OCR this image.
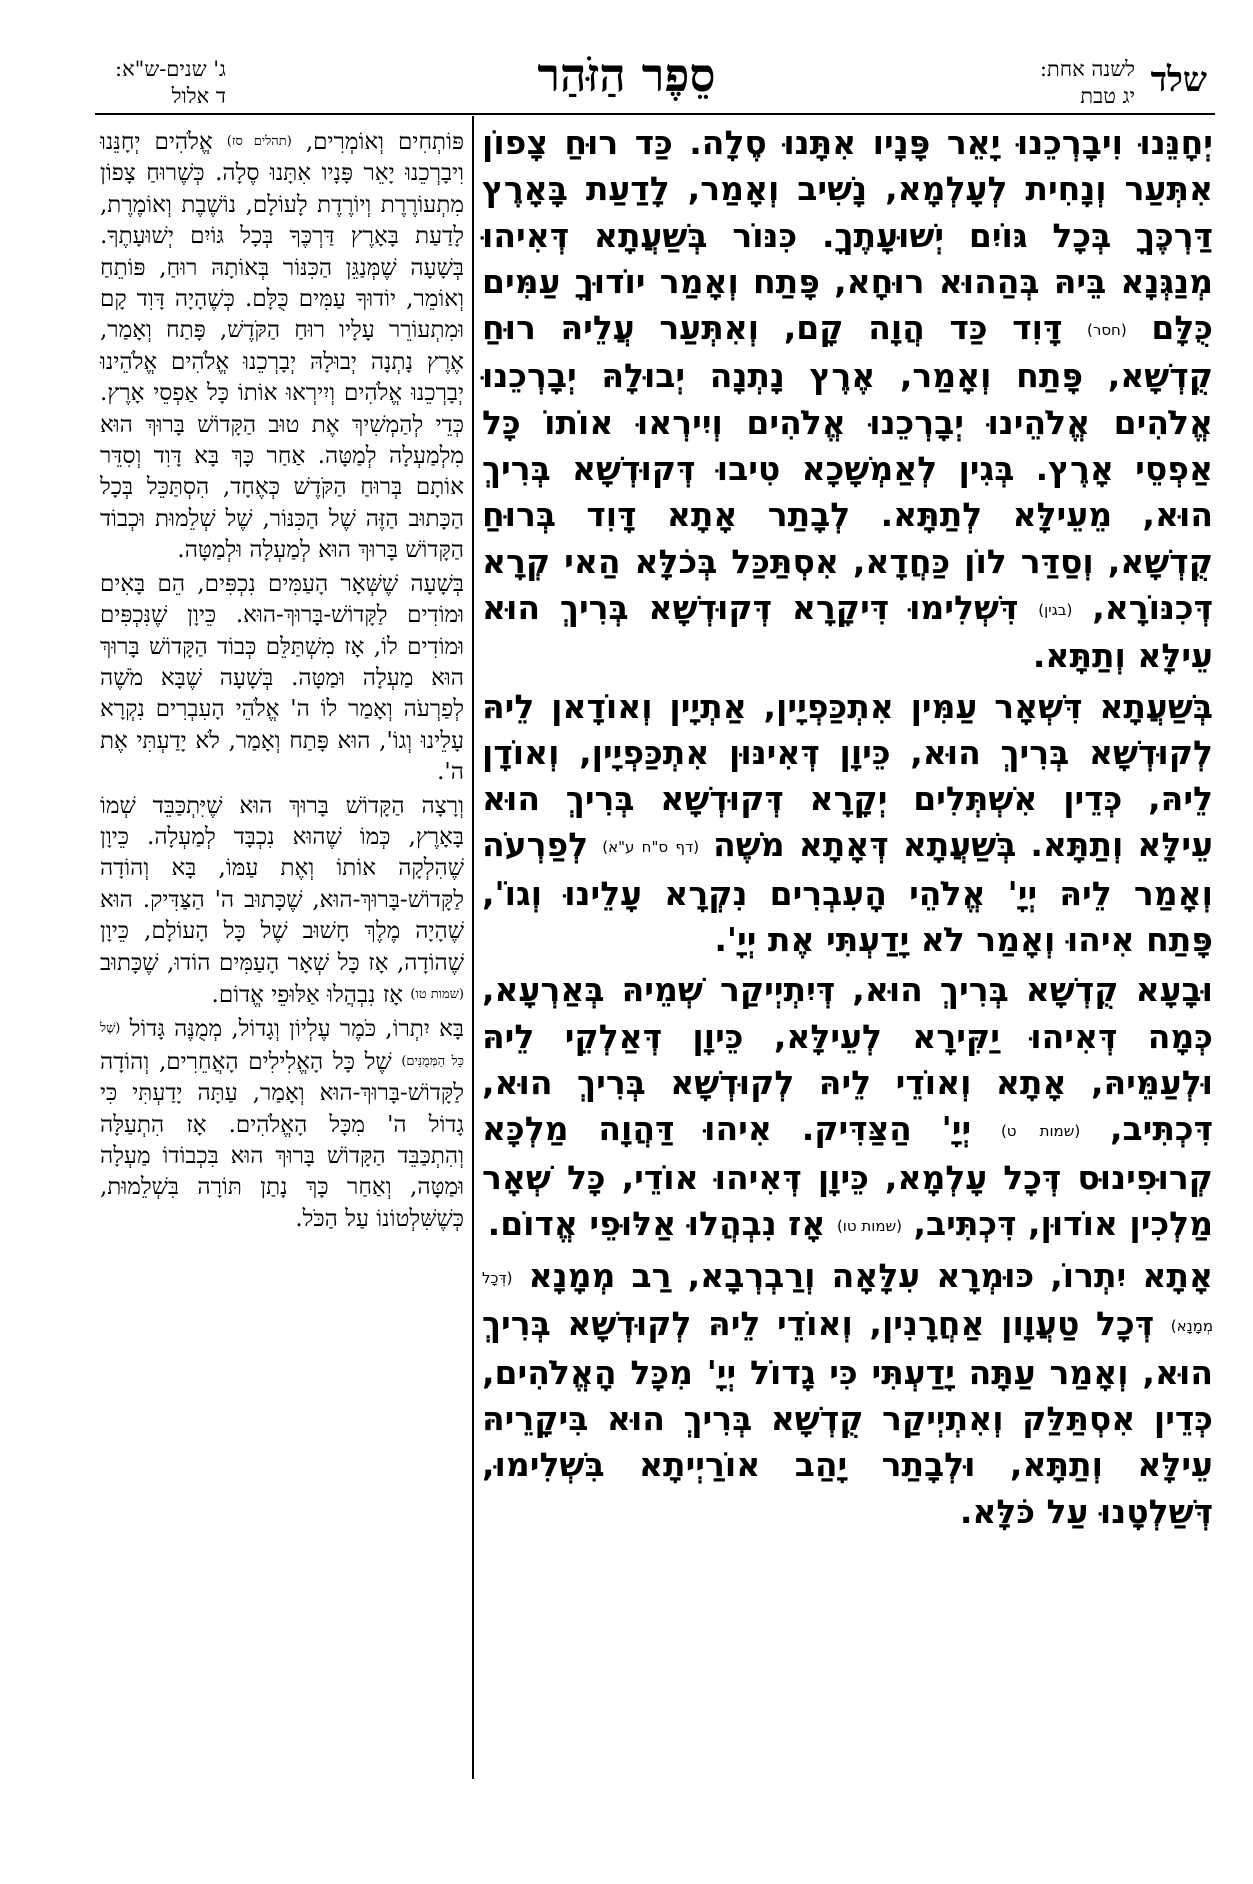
שלד
לשנה אחת:
יג טבת
סֵפֶר הַזֹּהַר
ג' שנים-ש"א:
ד אלול

יְחָנֵּנוּ וִיבָרְכֵנוּ יָאֵר פָּנָיו אִתָּנוּ סֶלָה. כַּד רוּחַ צָפוֹן אִתְּעַר וְנָחִית לְעָלְמָא, נָשִׁיב וְאָמַר, לָדַעַת בָּאָרֶץ דַּרְכֶּךָ בְּכָל גּוֹיִם יְשׁוּעָתֶךָ. כִּנּוֹר בְּשַׁעֲתָא דְּאִיהוּ מְנַגְּנָא בֵּיהּ בְּהַהוּא רוּחָא, פָּתַח וְאָמַר יוֹדוּךָ עַמִּים כֻּלָּם (חסר) דָּוִד כַּד הֲוָה קָם, וְאִתְּעַר עֲלֵיהּ רוּחַ קֻדְשָׁא, פָּתַח וְאָמַר, אֶרֶץ נָתְנָה יְבוּלָהּ יְבָרְכֵנוּ אֱלֹהִים אֱלֹהֵינוּ יְבָרְכֵנוּ אֱלֹהִים וְיִירְאוּ אוֹתוֹ כָּל אַפְסֵי אָרֶץ. בְּגִין לְאַמְשָׁכָא טִיבוּ דְּקוּדְשָׁא בְּרִיךְ הוּא, מֵעֵילָּא לְתַתָּא. לְבָתַר אָתָא דָּוִד בְּרוּחַ קֻדְשָׁא, וְסַדַּר לוֹן כַּחֲדָא, אִסְתַּכַּל בְּכֹלָּא הַאי קְרָא דְּכִנּוֹרָא, (בגין) דִּשְׁלִימוּ דִּיקָרָא דְּקוּדְשָׁא בְּרִיךְ הוּא עֵילָּא וְתַתָּא.

בְּשַׁעֲתָא דִּשְׁאָר עַמִּין אִתְכַּפְיָין, אַתְיָין וְאוֹדָאן לֵיהּ לְקוּדְשָׁא בְּרִיךְ הוּא, כֵּיוָן דְּאִינּוּן אִתְכַּפְיָין, וְאוֹדָן לֵיהּ, כְּדֵין אִשְׁתְּלִים יְקָרָא דְּקוּדְשָׁא בְּרִיךְ הוּא עֵילָּא וְתַתָּא. בְּשַׁעֲתָא דְּאָתָא מֹשֶׁה (דף ס"ח ע"א) לְפַרְעֹה וְאָמַר לֵיהּ יְיָ' אֱלֹהֵי הָעִבְרִים נִקְרָא עָלֵינוּ וְגוֹ', פָּתַח אִיהוּ וְאָמַר לֹא יָדַעְתִּי אֶת יְיָ'.

וּבָעָא קֻדְשָׁא בְּרִיךְ הוּא, דְּיִתְיְיקַר שְׁמֵיהּ בְּאַרְעָא, כְּמָה דְּאִיהוּ יַקִּירָא לְעֵילָּא, כֵּיוָן דְּאַלְקֵי לֵיהּ וּלְעַמֵּיהּ, אָתָא וְאוֹדֵי לֵיהּ לְקוּדְשָׁא בְּרִיךְ הוּא, דִּכְתִּיב, (שמות ט) יְיָ' הַצַּדִּיק. אִיהוּ דַּהֲוָה מַלְכָּא קְרוּפִינוּס דְּכָל עָלְמָא, כֵּיוָן דְּאִיהוּ אוֹדֵי, כָּל שְׁאָר מַלְכִין אוֹדוּן, דִּכְתִּיב, (שמות טו) אָז נִבְהֲלוּ אַלּוּפֵי אֱדוֹם.

אָתָא יִתְרוֹ, כּוּמְרָא עִלָּאָה וְרַבְרְבָא, רַב מְמָנָא (דְּכָל מְמָנָא) דְּכָל טַעֲוָון אַחֲרָנִין, וְאוֹדֵי לֵיהּ לְקוּדְשָׁא בְּרִיךְ הוּא, וְאָמַר עַתָּה יָדַעְתִּי כִּי גָדוֹל יְיָ' מִכָּל הָאֱלֹהִים, כְּדֵין אִסְתַּלַּק וְאִתְיְיקַר קֻדְשָׁא בְּרִיךְ הוּא בִּיקָרֵיהּ עֵילָּא וְתַתָּא, וּלְבָתַר יָהַב אוֹרַיְיתָא בִּשְׁלִימוּ, דְּשַׁלְטָנוּ עַל כֹּלָּא.

פּוֹתְחִים וְאוֹמְרִים, (תהלים סז) אֱלֹהִים יְחָנֵּנוּ וִיבָרְכֵנוּ יָאֵר פָּנָיו אִתָּנוּ סֶלָה. כְּשֶׁרוּחַ צָפוֹן מִתְעוֹרֶרֶת וְיוֹרֶדֶת לָעוֹלָם, נוֹשֶׁבֶת וְאוֹמֶרֶת, לָדַעַת בָּאָרֶץ דַּרְכֶּךָ בְּכָל גּוֹיִם יְשׁוּעָתֶךָ. בְּשָׁעָה שֶׁמְּנַגֵּן הַכִּנּוֹר בְּאוֹתָהּ רוּחַ, פּוֹתֵחַ וְאוֹמֵר, יוֹדוּךָ עַמִּים כֻּלָּם. כְּשֶׁהָיָה דָּוִד קָם וּמִתְעוֹרֵר עָלָיו רוּחַ הַקֹּדֶשׁ, פָּתַח וְאָמַר, אֶרֶץ נָתְנָה יְבוּלָהּ יְבָרְכֵנוּ אֱלֹהִים אֱלֹהֵינוּ יְבָרְכֵנוּ אֱלֹהִים וְיִירְאוּ אוֹתוֹ כָּל אַפְסֵי אָרֶץ. כְּדֵי לְהַמְשִׁיךְ אֶת טוּב הַקָּדוֹשׁ בָּרוּךְ הוּא מִלְמַעְלָה לְמַטָּה. אַחַר כָּךְ בָּא דָּוִד וְסִדֵּר אוֹתָם בְּרוּחַ הַקֹּדֶשׁ כְּאֶחָד, הִסְתַּכֵּל בְּכָל הַכָּתוּב הַזֶּה שֶׁל הַכִּנּוֹר, שֶׁל שְׁלֵמוּת וּכְבוֹד הַקָּדוֹשׁ בָּרוּךְ הוּא לְמַעְלָה וּלְמַטָּה.

בְּשָׁעָה שֶׁשְּׁאָר הָעַמִּים נִכְפִּים, הֵם בָּאִים וּמוֹדִים לַקָּדוֹשׁ-בָּרוּךְ-הוּא. כֵּיוָן שֶׁנִּכְפִּים וּמוֹדִים לוֹ, אָז מִשְׁתַּלֵּם כְּבוֹד הַקָּדוֹשׁ בָּרוּךְ הוּא מַעְלָה וּמַטָּה. בְּשָׁעָה שֶׁבָּא מֹשֶׁה לְפַרְעֹה וְאָמַר לוֹ ה' אֱלֹהֵי הָעִבְרִים נִקְרָא עָלֵינוּ וְגוֹ', הוּא פָּתַח וְאָמַר, לֹא יָדַעְתִּי אֶת ה'.

וְרָצָה הַקָּדוֹשׁ בָּרוּךְ הוּא שֶׁיִּתְכַּבֵּד שְׁמוֹ בָּאָרֶץ, כְּמוֹ שֶׁהוּא נִכְבָּד לְמַעְלָה. כֵּיוָן שֶׁהִלְקָה אוֹתוֹ וְאֶת עַמּוֹ, בָּא וְהוֹדָה לַקָּדוֹשׁ-בָּרוּךְ-הוּא, שֶׁכָּתוּב ה' הַצַּדִּיק. הוּא שֶׁהָיָה מֶלֶךְ חָשׁוּב שֶׁל כָּל הָעוֹלָם, כֵּיוָן שֶׁהוֹדָה, אָז כָּל שְׁאָר הָעַמִּים הוֹדוּ, שֶׁכָּתוּב (שמות טו) אָז נִבְהֲלוּ אַלּוּפֵי אֱדוֹם.

בָּא יִתְרוֹ, כֹּמֶר עֶלְיוֹן וְגָדוֹל, מְמֻנֶּה גָּדוֹל (שֶׁל כָּל הַמְּמֻנִּים) שֶׁל כָּל הָאֱלִילִים הָאֲחֵרִים, וְהוֹדָה לַקָּדוֹשׁ-בָּרוּךְ-הוּא וְאָמַר, עַתָּה יָדַעְתִּי כִּי גָדוֹל ה' מִכָּל הָאֱלֹהִים. אָז הִתְעַלָּה וְהִתְכַּבֵּד הַקָּדוֹשׁ בָּרוּךְ הוּא בִּכְבוֹדוֹ מַעְלָה וּמַטָּה, וְאַחַר כָּךְ נָתַן תּוֹרָה בִּשְׁלֵמוּת, כְּשֶׁשִּׁלְטוֹנוֹ עַל הַכֹּל.
